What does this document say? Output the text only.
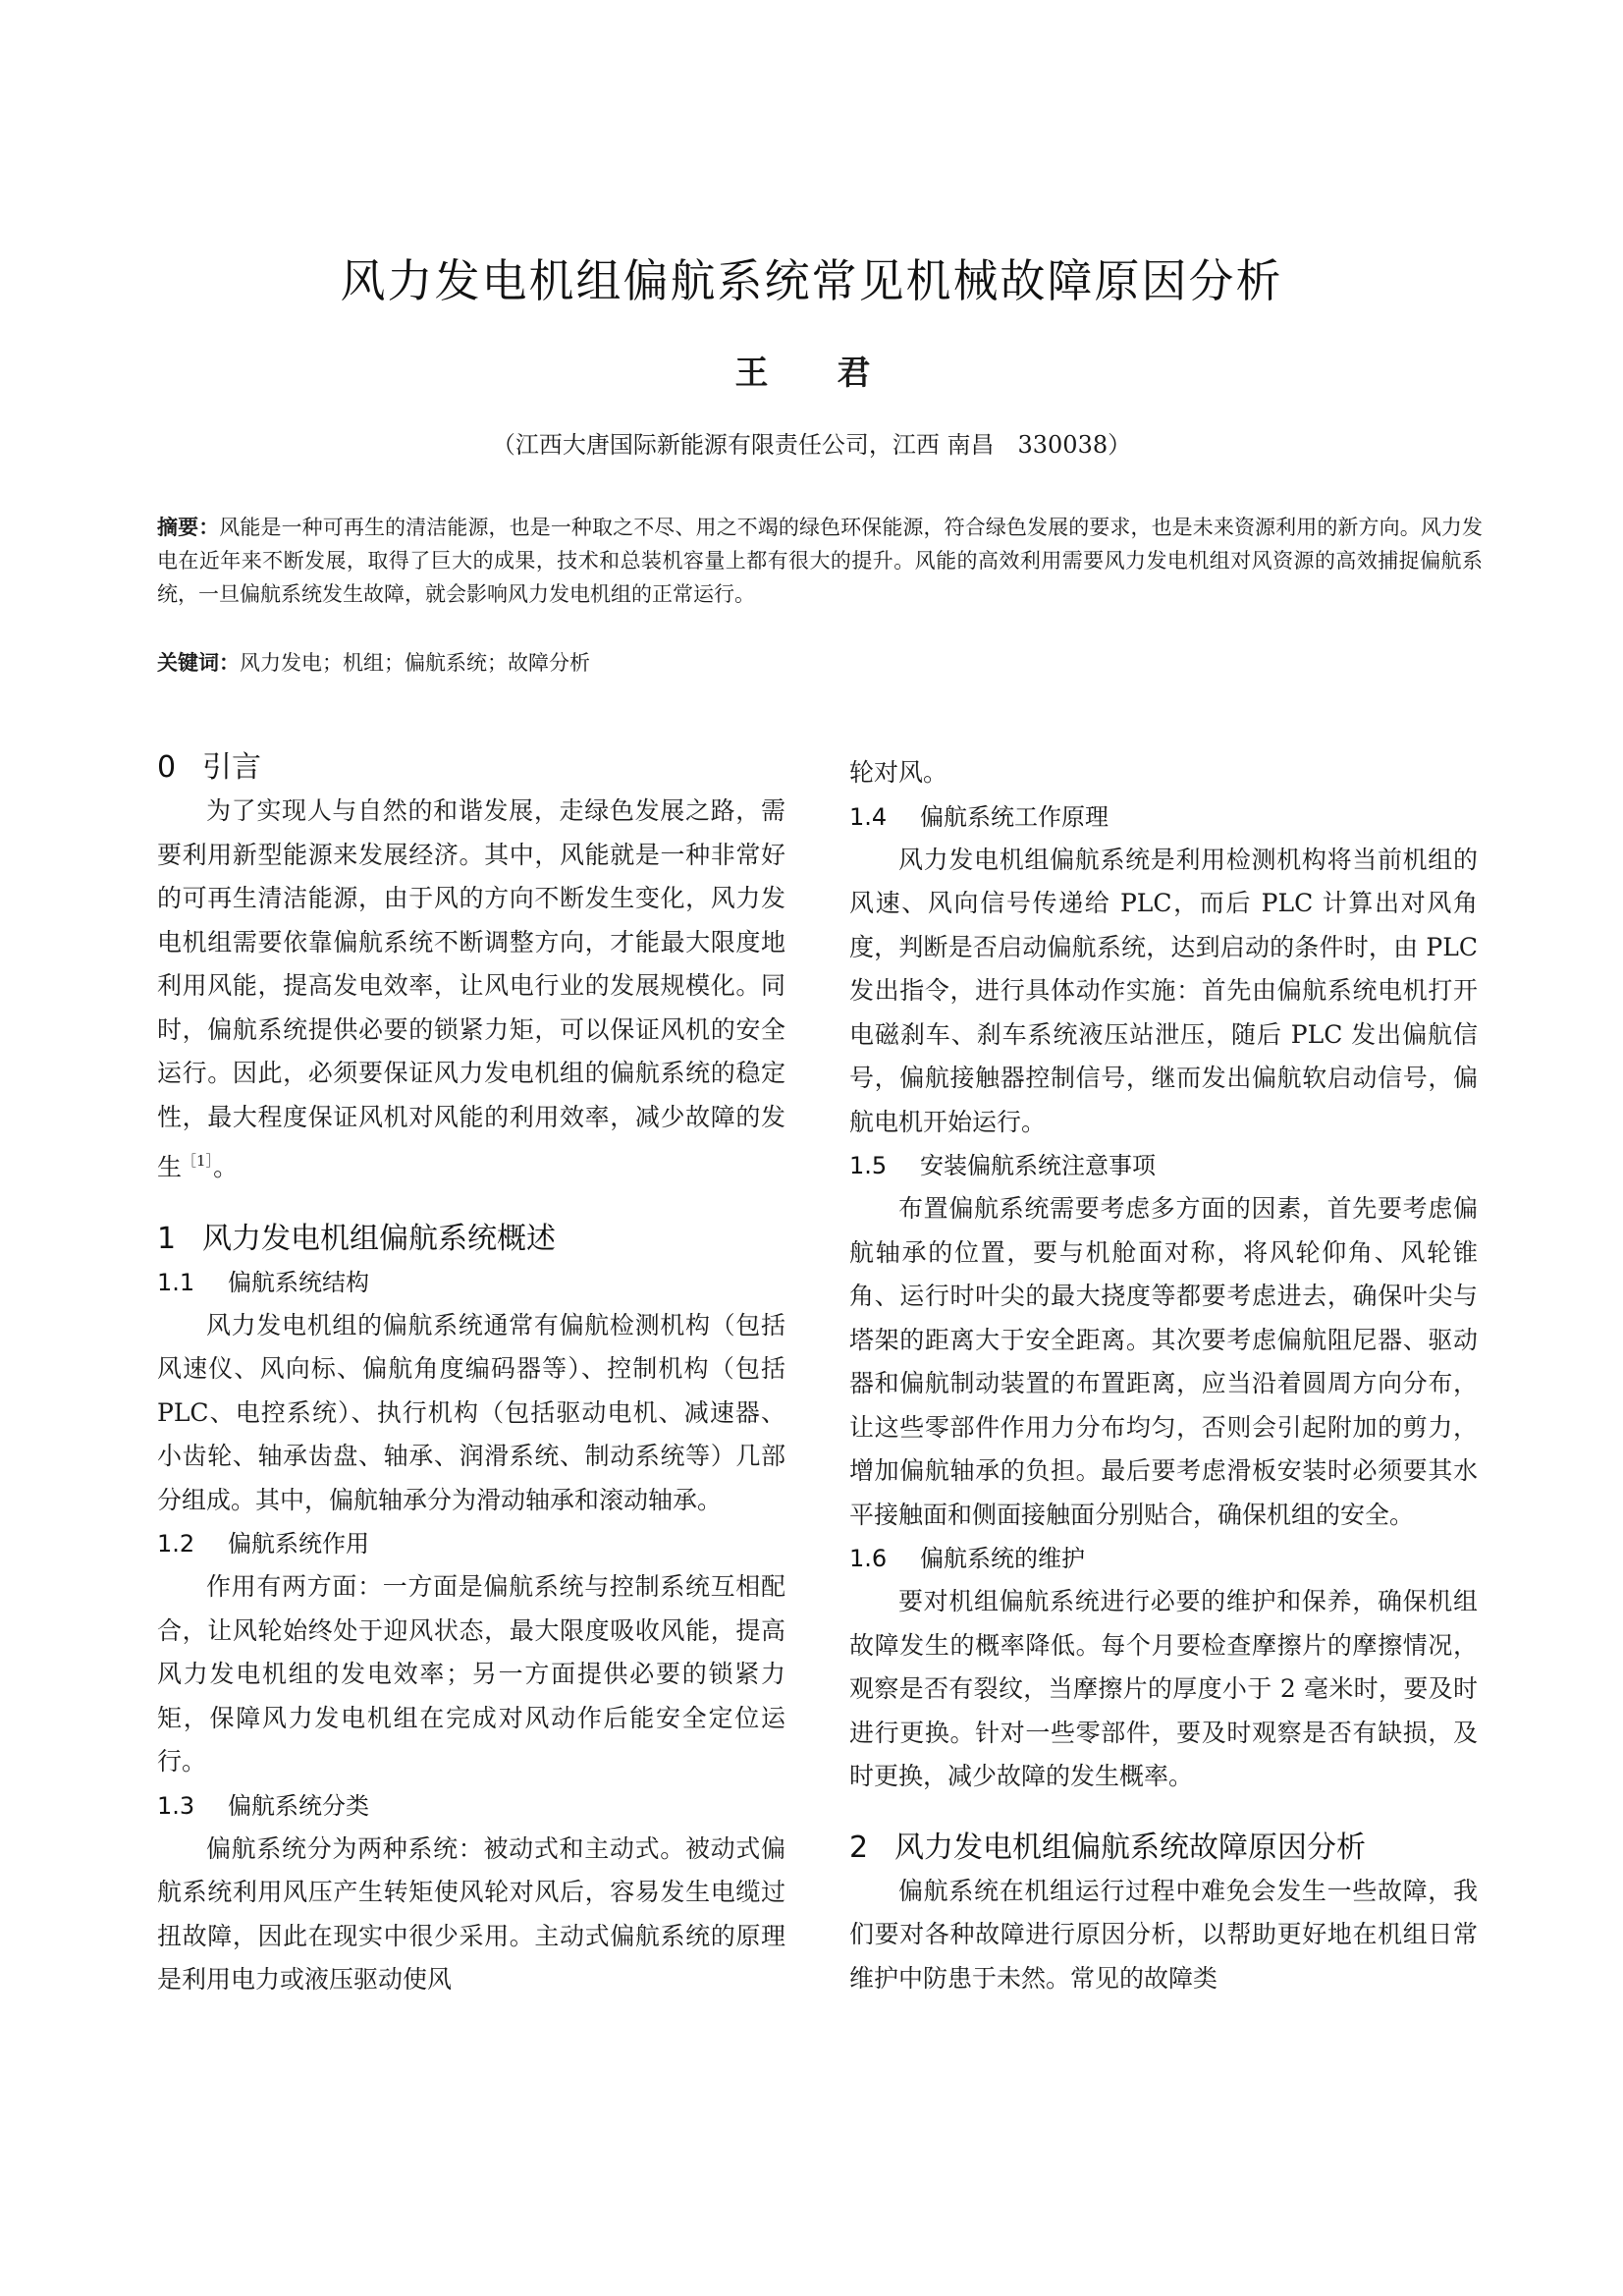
风力发电机组偏航系统常见机械故障原因分析
王　君
（江西大唐国际新能源有限责任公司，江西 南昌　330038）
摘要：风能是一种可再生的清洁能源，也是一种取之不尽、用之不竭的绿色环保能源，符合绿色发展的要求，也是未来资源利用的新方向。风力发电在近年来不断发展，取得了巨大的成果，技术和总装机容量上都有很大的提升。风能的高效利用需要风力发电机组对风资源的高效捕捉偏航系统，一旦偏航系统发生故障，就会影响风力发电机组的正常运行。
关键词：风力发电；机组；偏航系统；故障分析
0 引言

为了实现人与自然的和谐发展，走绿色发展之路，需要利用新型能源来发展经济。其中，风能就是一种非常好的可再生清洁能源，由于风的方向不断发生变化，风力发电机组需要依靠偏航系统不断调整方向，才能最大限度地利用风能，提高发电效率，让风电行业的发展规模化。同时，偏航系统提供必要的锁紧力矩，可以保证风机的安全运行。因此，必须要保证风力发电机组的偏航系统的稳定性，最大程度保证风机对风能的利用效率，减少故障的发生$^{[1]}$。

1 风力发电机组偏航系统概述
1.1 偏航系统结构

风力发电机组的偏航系统通常有偏航检测机构（包括风速仪、风向标、偏航角度编码器等）、控制机构（包括 PLC、电控系统）、执行机构（包括驱动电机、减速器、小齿轮、轴承齿盘、轴承、润滑系统、制动系统等）几部分组成。其中，偏航轴承分为滑动轴承和滚动轴承。

1.2 偏航系统作用

作用有两方面：一方面是偏航系统与控制系统互相配合，让风轮始终处于迎风状态，最大限度吸收风能，提高风力发电机组的发电效率；另一方面提供必要的锁紧力矩，保障风力发电机组在完成对风动作后能安全定位运行。

1.3 偏航系统分类

偏航系统分为两种系统：被动式和主动式。被动式偏航系统利用风压产生转矩使风轮对风后，容易发生电缆过扭故障，因此在现实中很少采用。主动式偏航系统的原理是利用电力或液压驱动使风

轮对风。

1.4 偏航系统工作原理

风力发电机组偏航系统是利用检测机构将当前机组的风速、风向信号传递给 PLC，而后 PLC 计算出对风角度，判断是否启动偏航系统，达到启动的条件时，由 PLC 发出指令，进行具体动作实施：首先由偏航系统电机打开电磁刹车、刹车系统液压站泄压，随后 PLC 发出偏航信号，偏航接触器控制信号，继而发出偏航软启动信号，偏航电机开始运行。

1.5 安装偏航系统注意事项

布置偏航系统需要考虑多方面的因素，首先要考虑偏航轴承的位置，要与机舱面对称，将风轮仰角、风轮锥角、运行时叶尖的最大挠度等都要考虑进去，确保叶尖与塔架的距离大于安全距离。其次要考虑偏航阻尼器、驱动器和偏航制动装置的布置距离，应当沿着圆周方向分布，让这些零部件作用力分布均匀，否则会引起附加的剪力，增加偏航轴承的负担。最后要考虑滑板安装时必须要其水平接触面和侧面接触面分别贴合，确保机组的安全。

1.6 偏航系统的维护

要对机组偏航系统进行必要的维护和保养，确保机组故障发生的概率降低。每个月要检查摩擦片的摩擦情况，观察是否有裂纹，当摩擦片的厚度小于 2 毫米时，要及时进行更换。针对一些零部件，要及时观察是否有缺损，及时更换，减少故障的发生概率。

2 风力发电机组偏航系统故障原因分析

偏航系统在机组运行过程中难免会发生一些故障，我们要对各种故障进行原因分析，以帮助更好地在机组日常维护中防患于未然。常见的故障类
